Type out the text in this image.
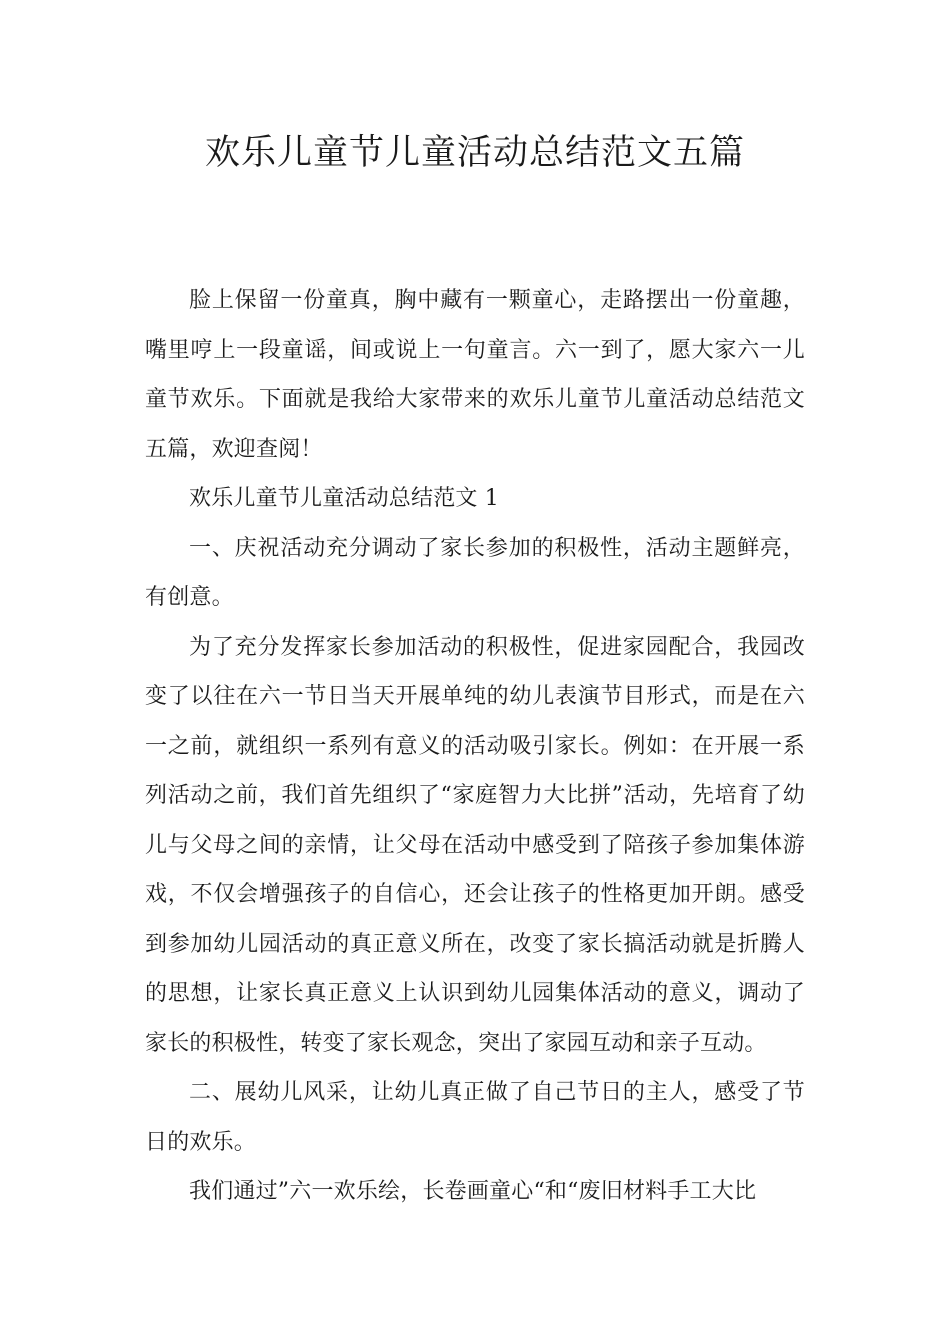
欢乐儿童节儿童活动总结范文五篇

脸上保留一份童真，胸中藏有一颗童心，走路摆出一份童趣，嘴里哼上一段童谣，间或说上一句童言。六一到了，愿大家六一儿童节欢乐。下面就是我给大家带来的欢乐儿童节儿童活动总结范文五篇，欢迎查阅！

欢乐儿童节儿童活动总结范文 1

一、庆祝活动充分调动了家长参加的积极性，活动主题鲜亮，有创意。

为了充分发挥家长参加活动的积极性，促进家园配合，我园改变了以往在六一节日当天开展单纯的幼儿表演节目形式，而是在六一之前，就组织一系列有意义的活动吸引家长。例如：在开展一系列活动之前，我们首先组织了“家庭智力大比拼”活动，先培育了幼儿与父母之间的亲情，让父母在活动中感受到了陪孩子参加集体游戏，不仅会增强孩子的自信心，还会让孩子的性格更加开朗。感受到参加幼儿园活动的真正意义所在，改变了家长搞活动就是折腾人的思想，让家长真正意义上认识到幼儿园集体活动的意义，调动了家长的积极性，转变了家长观念，突出了家园互动和亲子互动。

二、展幼儿风采，让幼儿真正做了自己节日的主人，感受了节日的欢乐。

我们通过”六一欢乐绘，长卷画童心“和“废旧材料手工大比
